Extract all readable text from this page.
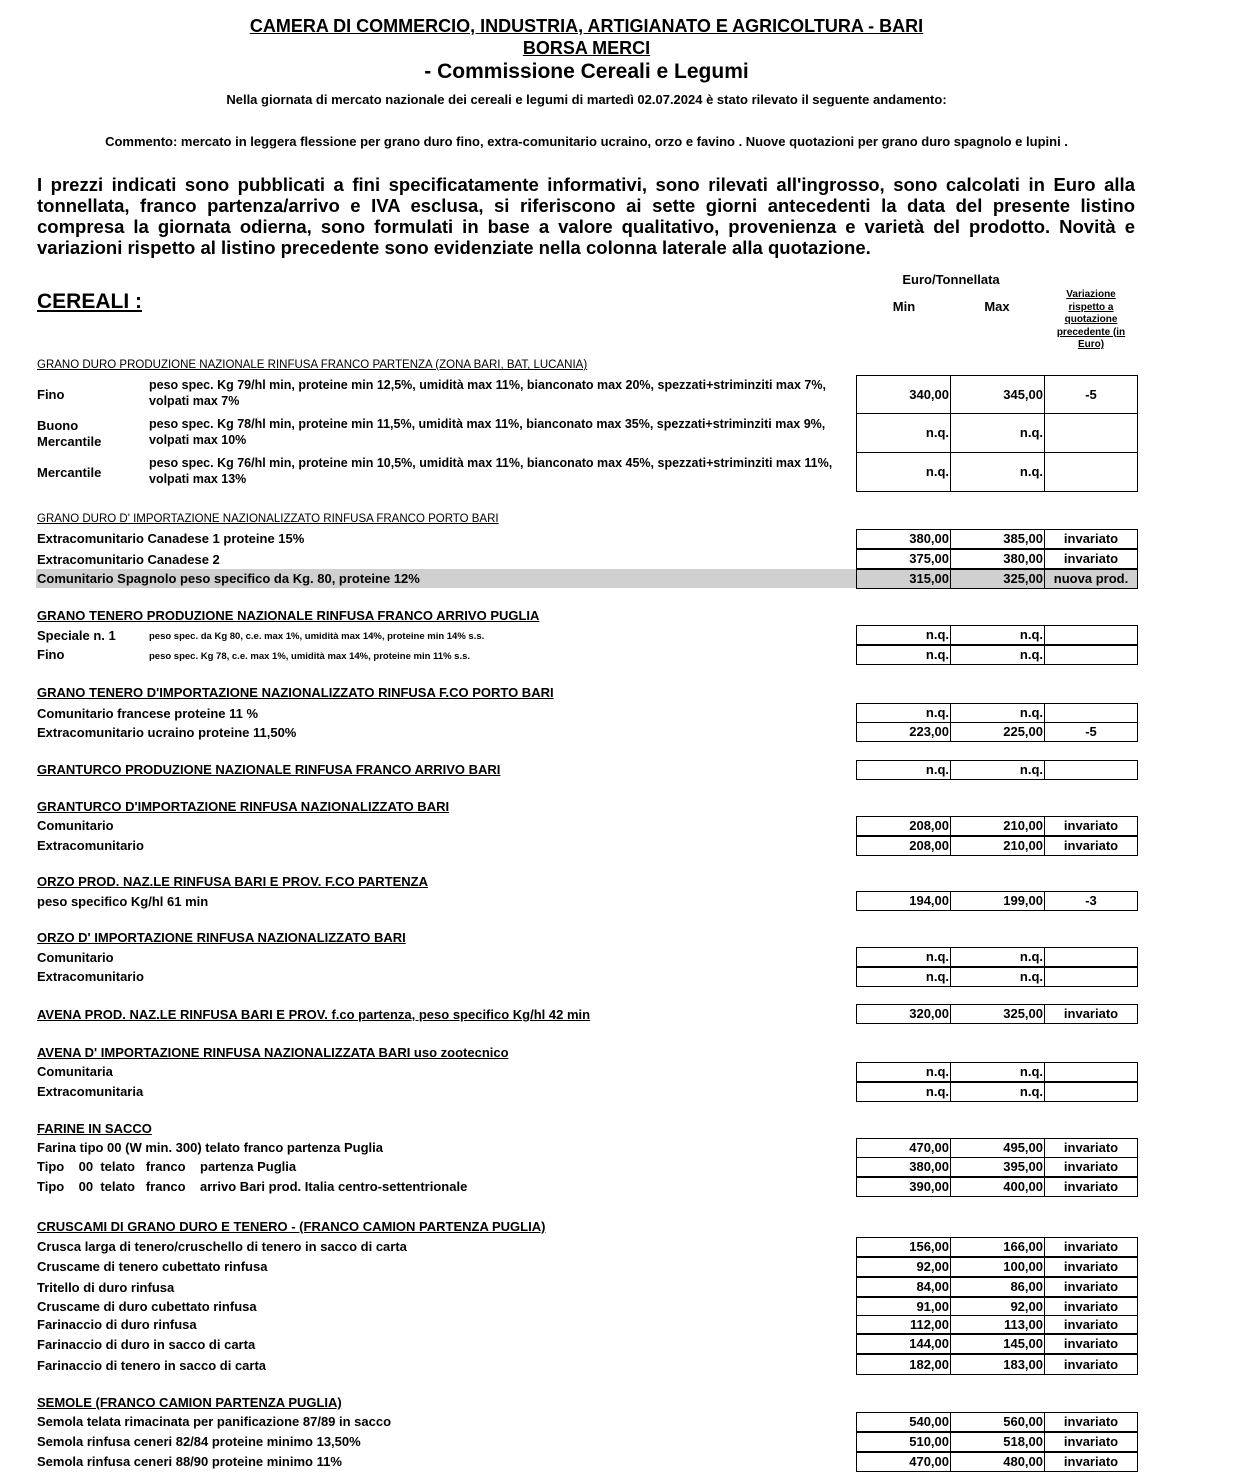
CAMERA DI COMMERCIO, INDUSTRIA, ARTIGIANATO E AGRICOLTURA - BARI
BORSA MERCI
- Commissione Cereali e Legumi
Nella giornata di mercato nazionale dei cereali e legumi di martedì 02.07.2024 è stato rilevato il seguente andamento:
Commento: mercato in leggera flessione per grano duro fino, extra-comunitario ucraino, orzo e favino . Nuove quotazioni per grano duro spagnolo e lupini .
I prezzi indicati sono pubblicati a fini specificatamente informativi, sono rilevati all'ingrosso, sono calcolati in Euro alla tonnellata, franco partenza/arrivo e IVA esclusa, si riferiscono ai sette giorni antecedenti la data del presente listino compresa la giornata odierna, sono formulati in base a valore qualitativo, provenienza e varietà del prodotto. Novità e variazioni rispetto al listino precedente sono evidenziate nella colonna laterale alla quotazione.
Euro/Tonnellata
CEREALI :	Min	Max
Variazione rispetto a quotazione precedente (in Euro)
GRANO DURO PRODUZIONE NAZIONALE RINFUSA FRANCO PARTENZA (ZONA BARI, BAT, LUCANIA)
Fino
peso spec. Kg 79/hl min, proteine min 12,5%, umidità max 11%, bianconato max 20%, spezzati+striminziti max 7%, volpati max 7%	340,00	345,00	-5
Buono Mercantile
peso spec. Kg 78/hl min, proteine min 11,5%, umidità max 11%, bianconato max 35%, spezzati+striminziti max 9%, volpati max 10%	n.q.	n.q.
Mercantile
peso spec. Kg 76/hl min, proteine min 10,5%, umidità max 11%, bianconato max 45%, spezzati+striminziti max 11%, volpati max 13%	n.q.	n.q.
GRANO DURO D' IMPORTAZIONE NAZIONALIZZATO RINFUSA FRANCO PORTO BARI
Extracomunitario Canadese 1 proteine 15%	380,00	385,00	invariato
Extracomunitario Canadese 2	375,00	380,00	invariato
Comunitario Spagnolo peso specifico da Kg. 80, proteine 12%	315,00	325,00 nuova prod.
GRANO TENERO PRODUZIONE NAZIONALE RINFUSA FRANCO ARRIVO PUGLIA
Speciale n. 1	peso spec. da Kg 80, c.e. max 1%, umidità max 14%, proteine min 14% s.s.	n.q.	n.q.
Fino	peso spec. Kg 78, c.e. max 1%, umidità max 14%, proteine min 11% s.s.	n.q.	n.q.
GRANO TENERO D'IMPORTAZIONE NAZIONALIZZATO RINFUSA F.CO PORTO BARI
Comunitario francese proteine 11 %	n.q.	n.q.
Extracomunitario ucraino proteine 11,50%	223,00	225,00	-5
GRANTURCO PRODUZIONE NAZIONALE RINFUSA FRANCO ARRIVO BARI	n.q.	n.q.
GRANTURCO D'IMPORTAZIONE RINFUSA NAZIONALIZZATO BARI
Comunitario	208,00	210,00	invariato
Extracomunitario	208,00	210,00	invariato
ORZO PROD. NAZ.LE RINFUSA BARI E PROV. F.CO PARTENZA
peso specifico Kg/hl 61 min	194,00	199,00	-3
ORZO D' IMPORTAZIONE RINFUSA NAZIONALIZZATO BARI
Comunitario	n.q.	n.q.
Extracomunitario	n.q.	n.q.
AVENA PROD. NAZ.LE RINFUSA BARI E PROV. f.co partenza, peso specifico Kg/hl 42 min	320,00	325,00	invariato
AVENA D' IMPORTAZIONE RINFUSA NAZIONALIZZATA BARI uso zootecnico
Comunitaria	n.q.	n.q.
Extracomunitaria	n.q.	n.q.
FARINE IN SACCO
Farina tipo 00 (W min. 300) telato franco partenza Puglia	470,00	495,00	invariato
Tipo    00  telato   franco    partenza Puglia	380,00	395,00	invariato
Tipo    00  telato   franco    arrivo Bari prod. Italia centro-settentrionale	390,00	400,00	invariato
CRUSCAMI DI GRANO DURO E TENERO - (FRANCO CAMION PARTENZA PUGLIA)
Crusca larga di tenero/cruschello di tenero in sacco di carta	156,00	166,00	invariato
Cruscame di tenero cubettato rinfusa	92,00	100,00	invariato
Tritello di duro rinfusa	84,00	86,00	invariato
Cruscame di duro cubettato rinfusa	91,00	92,00	invariato
Farinaccio di duro rinfusa	112,00	113,00	invariato
Farinaccio di duro in sacco di carta	144,00	145,00	invariato
Farinaccio di tenero in sacco di carta	182,00	183,00	invariato
SEMOLE (FRANCO CAMION PARTENZA PUGLIA)
Semola telata rimacinata per panificazione 87/89 in sacco	540,00	560,00	invariato
Semola rinfusa ceneri 82/84 proteine minimo 13,50%	510,00	518,00	invariato
Semola rinfusa ceneri 88/90 proteine minimo 11%	470,00	480,00	invariato
